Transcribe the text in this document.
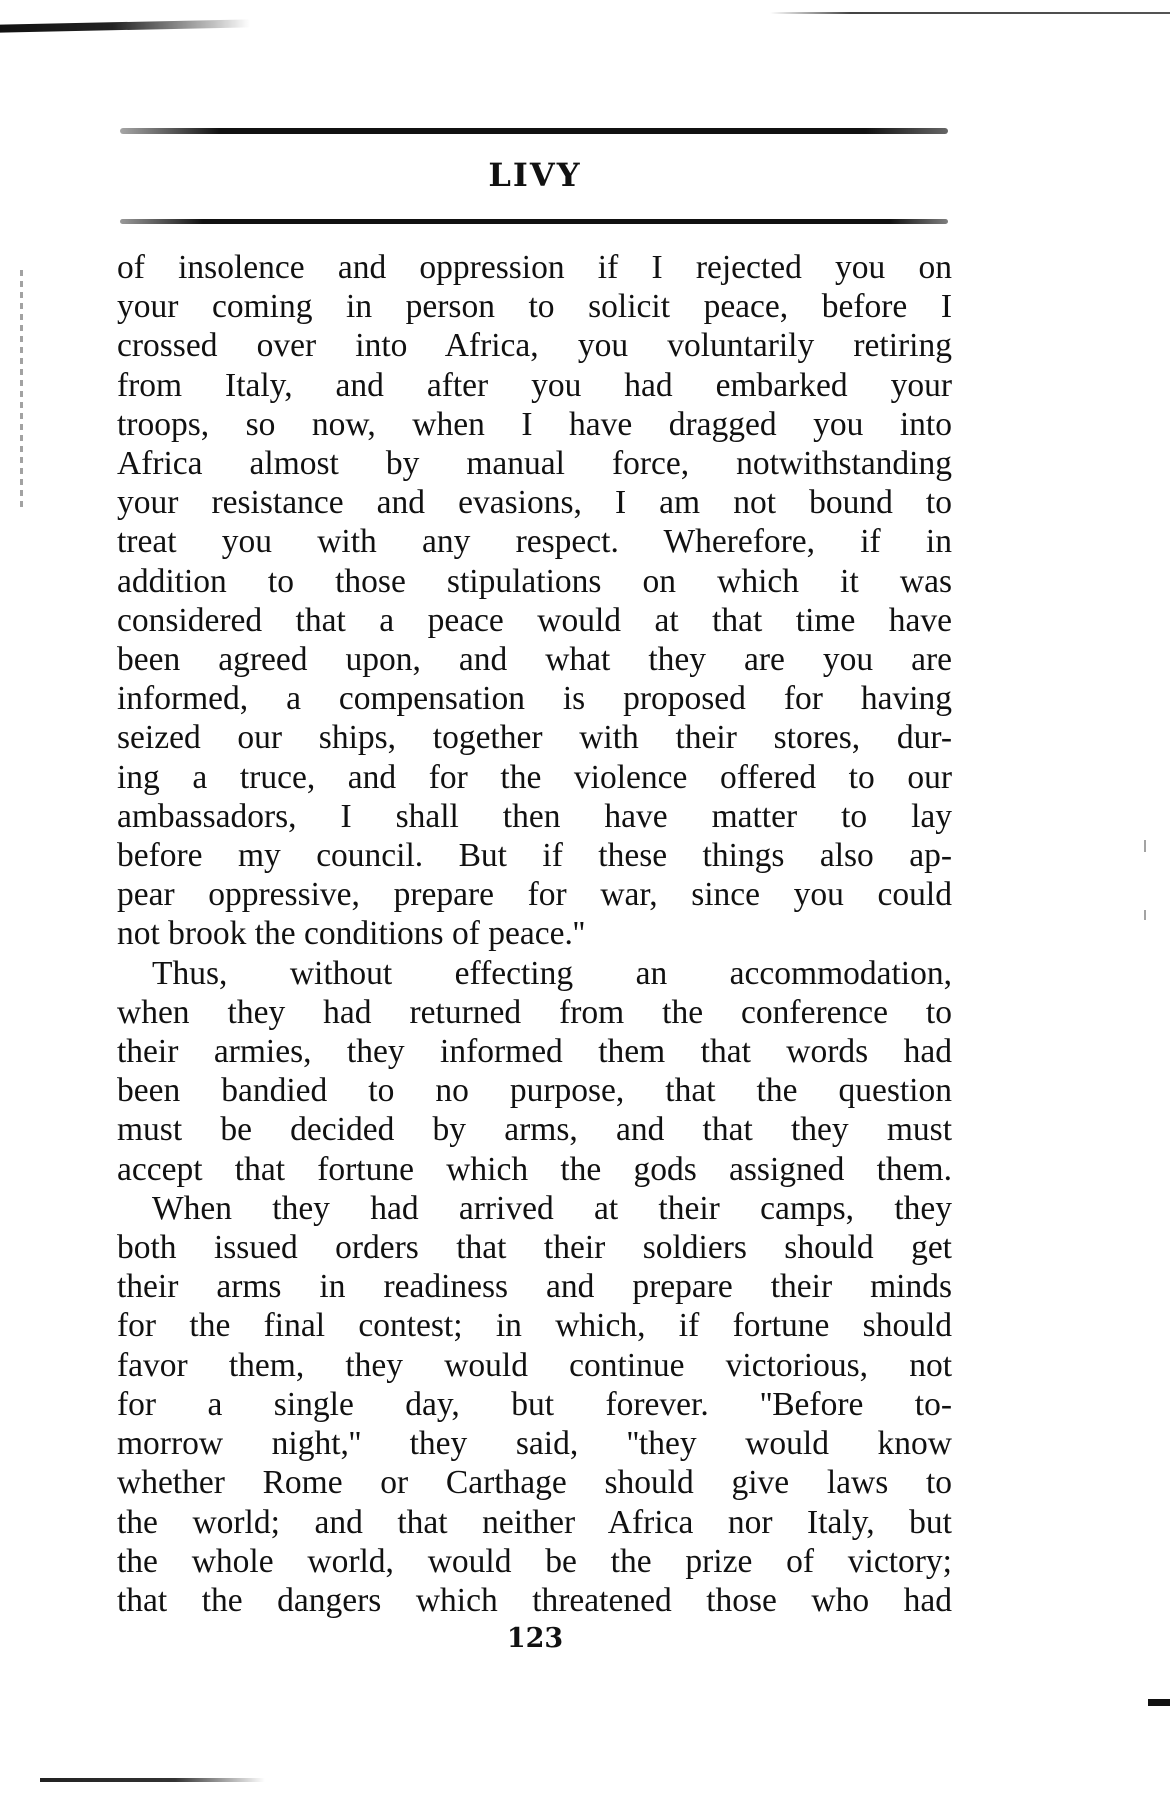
LIVY
of insolence and oppression if I rejected you on
your coming in person to solicit peace, before I
crossed over into Africa, you voluntarily retiring
from Italy, and after you had embarked your
troops, so now, when I have dragged you into
Africa almost by manual force, notwithstanding
your resistance and evasions, I am not bound to
treat you with any respect. Wherefore, if in
addition to those stipulations on which it was
considered that a peace would at that time have
been agreed upon, and what they are you are
informed, a compensation is proposed for having
seized our ships, together with their stores, dur-
ing a truce, and for the violence offered to our
ambassadors, I shall then have matter to lay
before my council. But if these things also ap-
pear oppressive, prepare for war, since you could
not brook the conditions of peace.''
Thus, without effecting an accommodation,
when they had returned from the conference to
their armies, they informed them that words had
been bandied to no purpose, that the question
must be decided by arms, and that they must
accept that fortune which the gods assigned them.
When they had arrived at their camps, they
both issued orders that their soldiers should get
their arms in readiness and prepare their minds
for the final contest; in which, if fortune should
favor them, they would continue victorious, not
for a single day, but forever. ''Before to-
morrow night,'' they said, ''they would know
whether Rome or Carthage should give laws to
the world; and that neither Africa nor Italy, but
the whole world, would be the prize of victory;
that the dangers which threatened those who had
123
